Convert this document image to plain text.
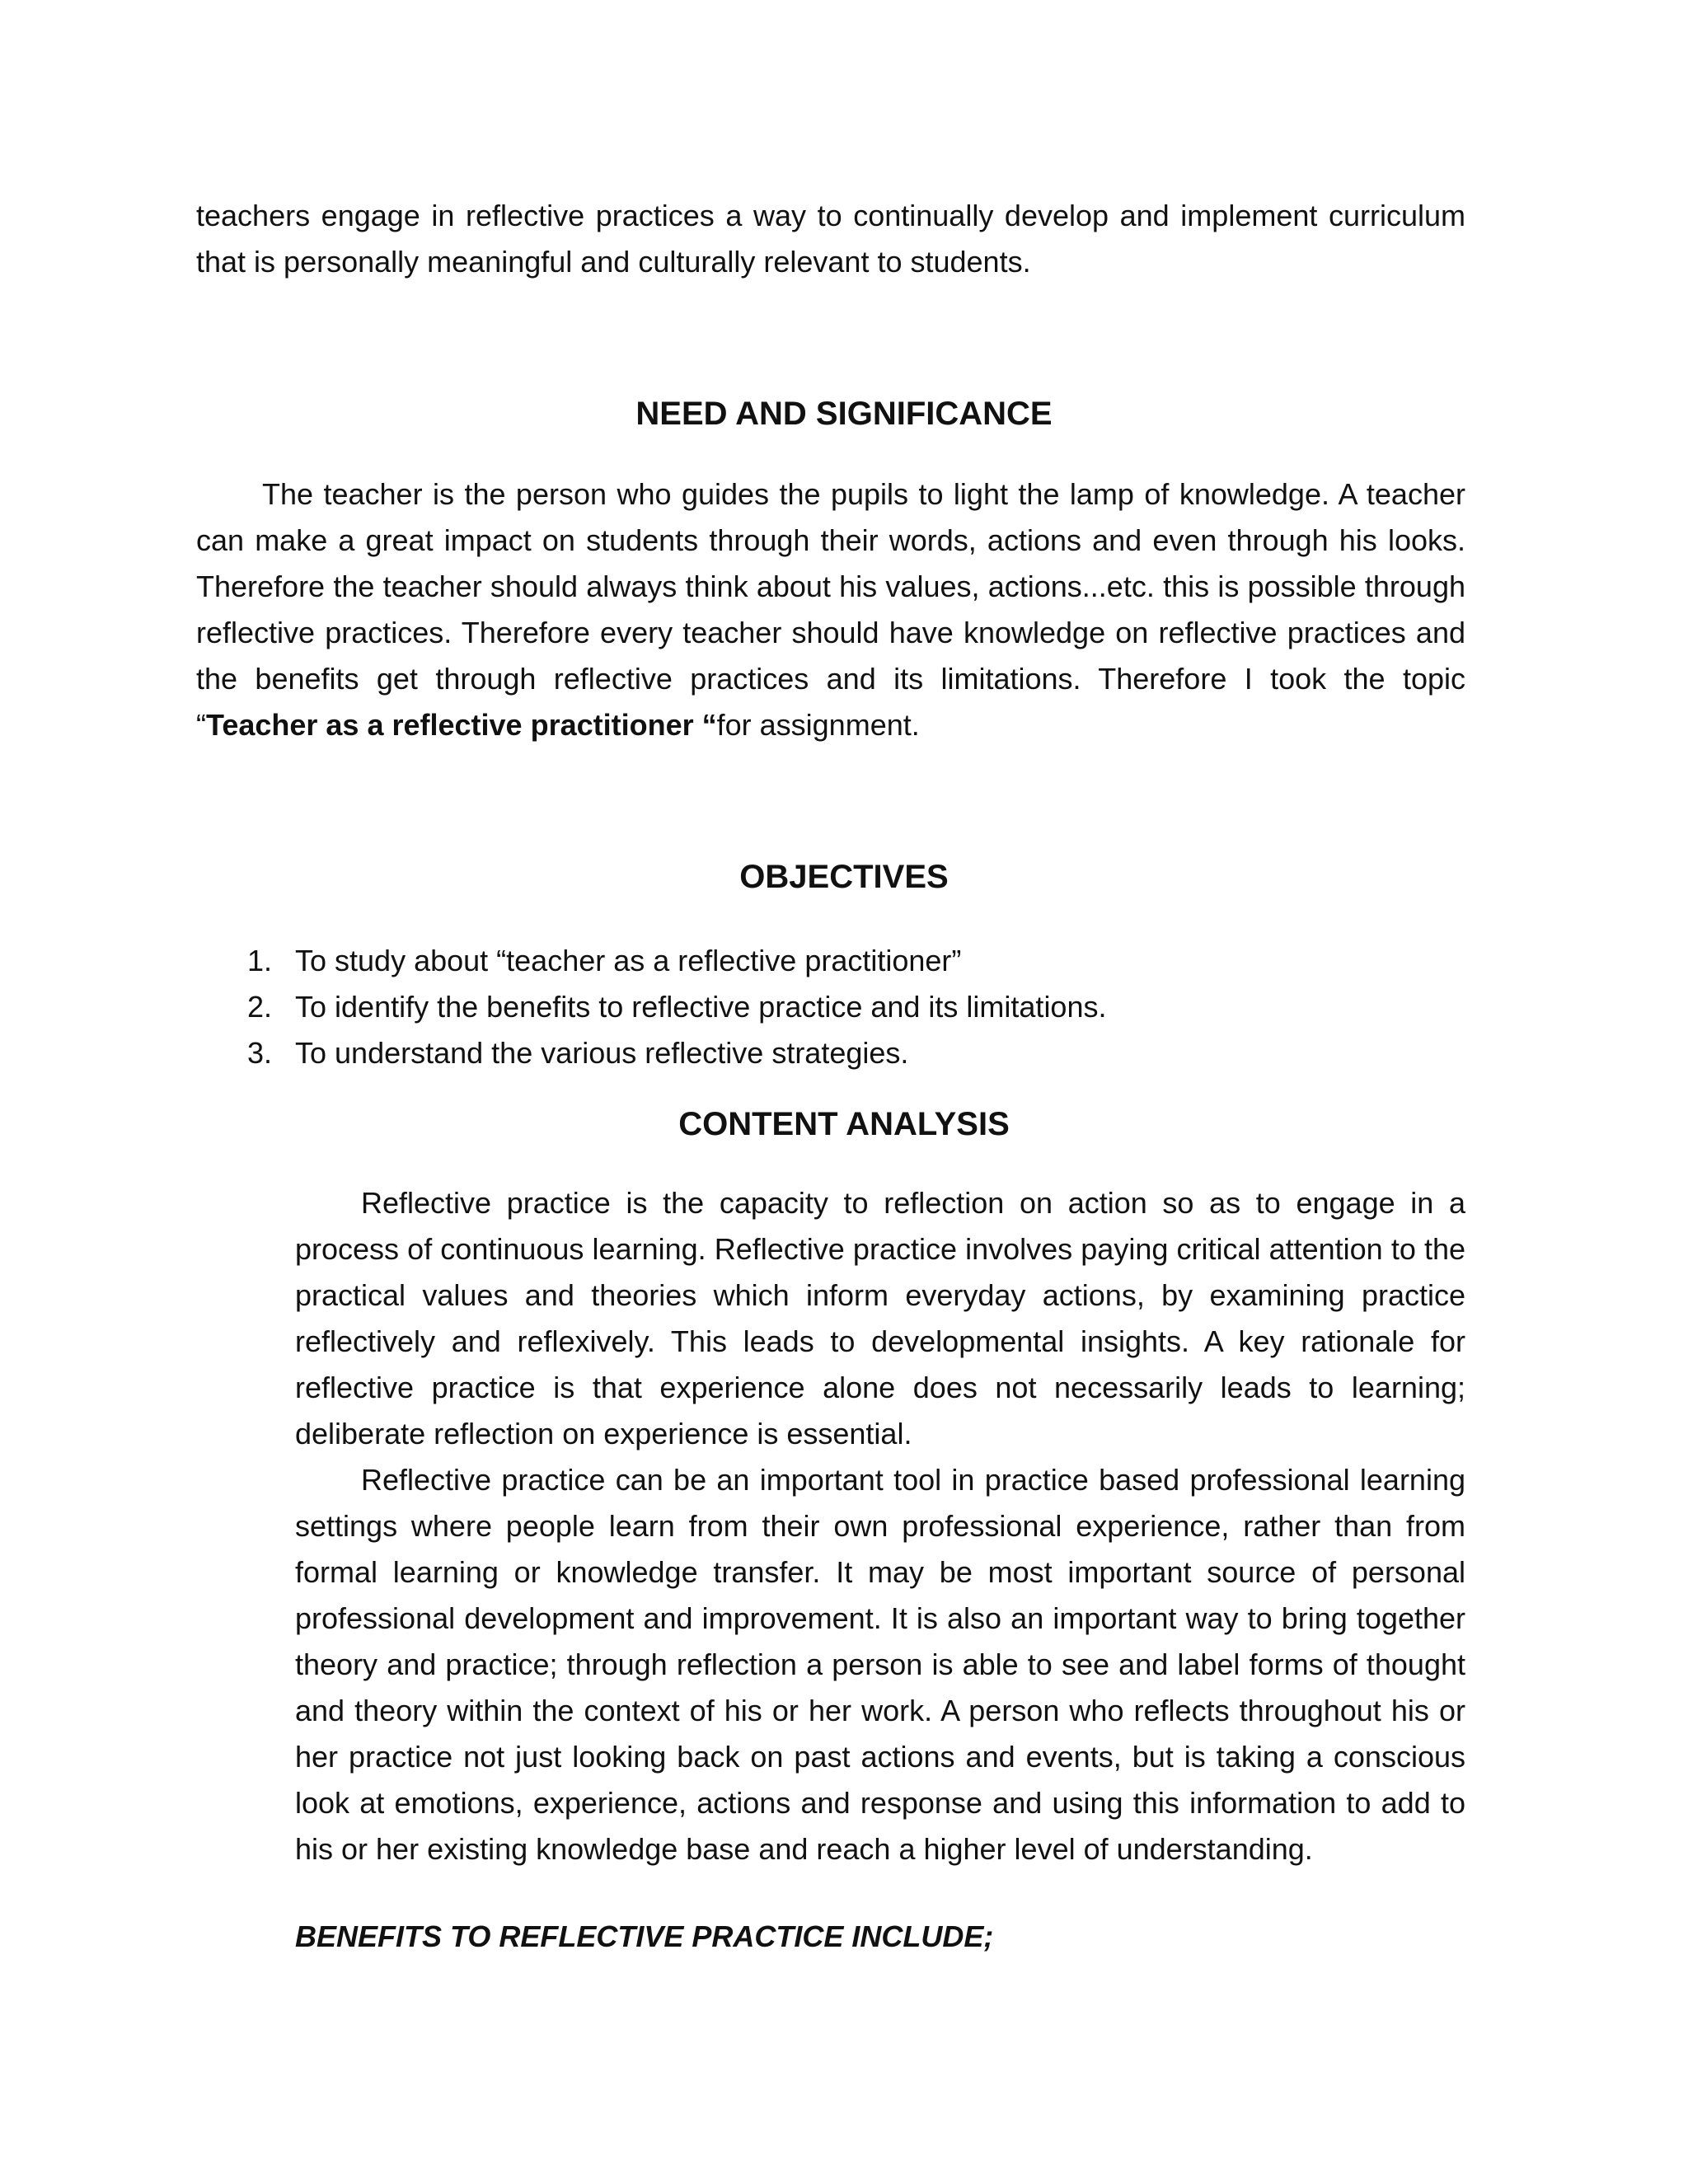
teachers engage in reflective practices a way to continually develop and implement curriculum that is personally meaningful and culturally relevant to students.

NEED AND SIGNIFICANCE

The teacher is the person who guides the pupils to light the lamp of knowledge. A teacher can make a great impact on students through their words, actions and even through his looks. Therefore the teacher should always think about his values, actions...etc. this is possible through reflective practices. Therefore every teacher should have knowledge on reflective practices and the benefits get through reflective practices and its limitations. Therefore I took the topic “Teacher as a reflective practitioner “for assignment.

OBJECTIVES
1. To study about “teacher as a reflective practitioner”
2. To identify the benefits to reflective practice and its limitations.
3. To understand the various reflective strategies.
CONTENT ANALYSIS

Reflective practice is the capacity to reflection on action so as to engage in a process of continuous learning. Reflective practice involves paying critical attention to the practical values and theories which inform everyday actions, by examining practice reflectively and reflexively. This leads to developmental insights. A key rationale for reflective practice is that experience alone does not necessarily leads to learning; deliberate reflection on experience is essential.

Reflective practice can be an important tool in practice based professional learning settings where people learn from their own professional experience, rather than from formal learning or knowledge transfer. It may be most important source of personal professional development and improvement. It is also an important way to bring together theory and practice; through reflection a person is able to see and label forms of thought and theory within the context of his or her work. A person who reflects throughout his or her practice not just looking back on past actions and events, but is taking a conscious look at emotions, experience, actions and response and using this information to add to his or her existing knowledge base and reach a higher level of understanding.

BENEFITS TO REFLECTIVE PRACTICE INCLUDE;
